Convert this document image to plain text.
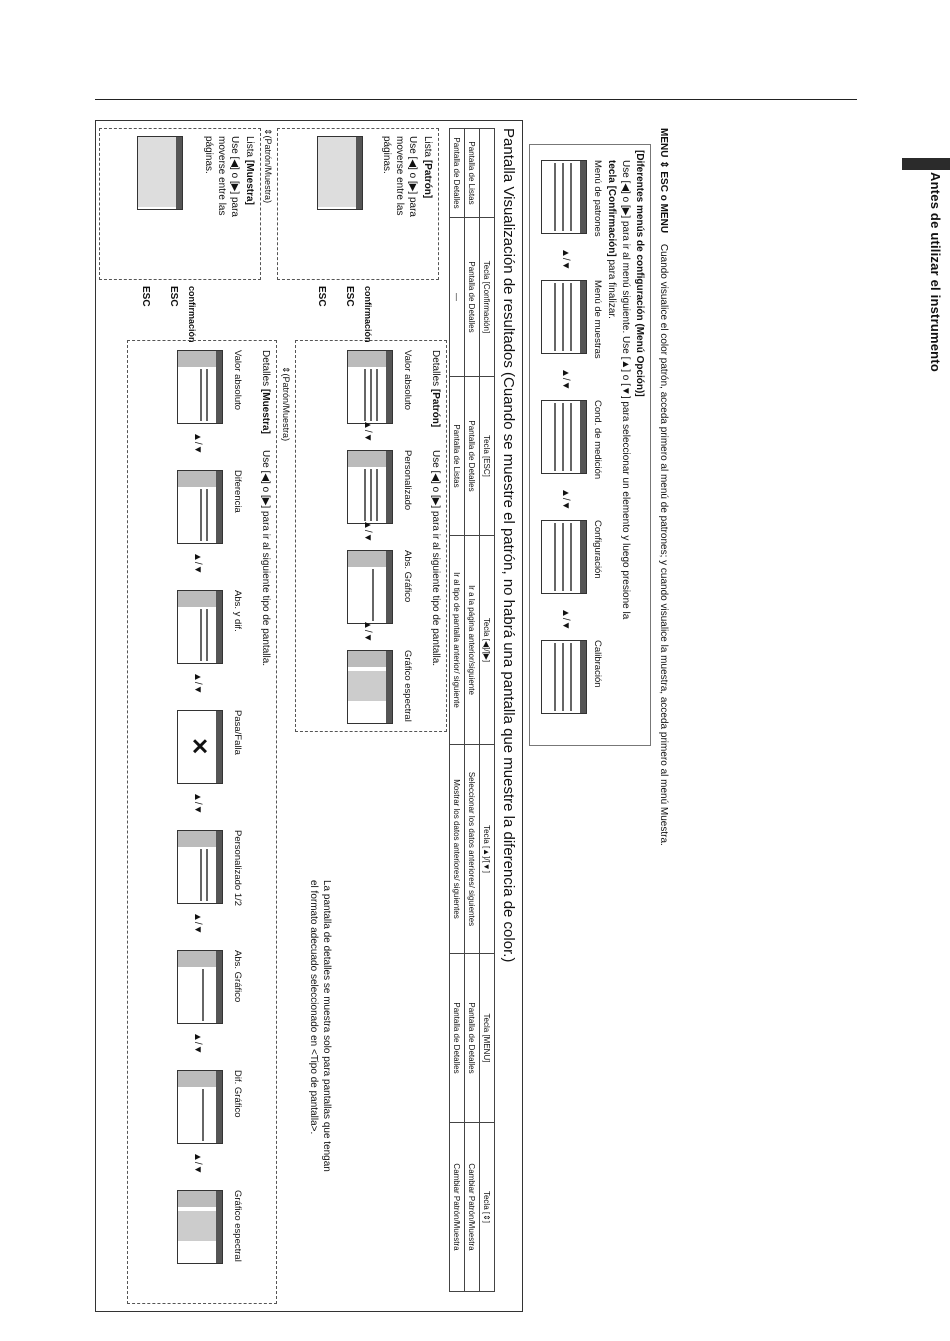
Antes de utilizar el instrumento
Pantalla Visualización de resultados (Cuando se muestre el patrón, no habrá una pantalla que muestre la diferencia de color.)
	Tecla [Confirmación]	Tecla [ESC]	Tecla [◀]/[▶]	Tecla [▲]/[▼]	Tecla [MENU]	Tecla [⇕]
Pantalla de Listas	Pantalla de Detalles	Pantalla de Detalles	Ir a la página anterior/siguiente	Seleccionar los datos anteriores/ siguientes	Pantalla de Detalles	Cambiar Patrón/Muestra
Pantalla de Detalles	—	Pantalla de Listas	Ir al tipo de pantalla anterior/ siguiente	Mostrar los datos anteriores/ siguientes	Pantalla de Detalles	Cambiar Patrón/Muestra
Lista [Patrón]
Use [◀] o [▶] para moverse entre las páginas.
confirmación
ESC
ESC
Detalles [Patrón]
Use [◀] o [▶] para ir al siguiente tipo de pantalla.
Valor absoluto
Personalizado
Abs. Gráfico
Gráfico espectral
▲/▼
▲/▼
▲/▼
⇕(Patrón/Muestra)
⇕(Patrón/Muestra)
Lista [Muestra]
Use [◀] o [▶] para moverse entre las páginas.
confirmación
ESC
ESC
Detalles [Muestra]
Use [◀] o [▶] para ir al siguiente tipo de pantalla.
Valor absoluto
Diferencia
Abs. y dif.
Pasa/Falla
Personalizado 1/2
Abs. Gráfico
Dif. Gráfico
Gráfico espectral
✕
▲/▼
▲/▼
▲/▼
▲/▼
▲/▼
▲/▼
▲/▼	La pantalla de detalles se muestra solo para pantallas que tengan el formato adecuado seleccionado en <Tipo de pantalla>.
MENU ⇕ ESC o MENU Cuando visualice el color patrón, acceda primero al menú de patrones; y cuando visualice la muestra, acceda primero al menú Muestra.
[Diferentes menús de configuración (Menú Opción)]
Use [◀] o [▶] para ir al menú siguiente. Use [▲] o [▼] para seleccionar un elemento y luego presione la
tecla [Confirmación] para finalizar.
Menú de patrones
Menú de muestras
Cond. de medición
Configuración
Calibración
▲/▼
▲/▼
▲/▼
▲/▼
